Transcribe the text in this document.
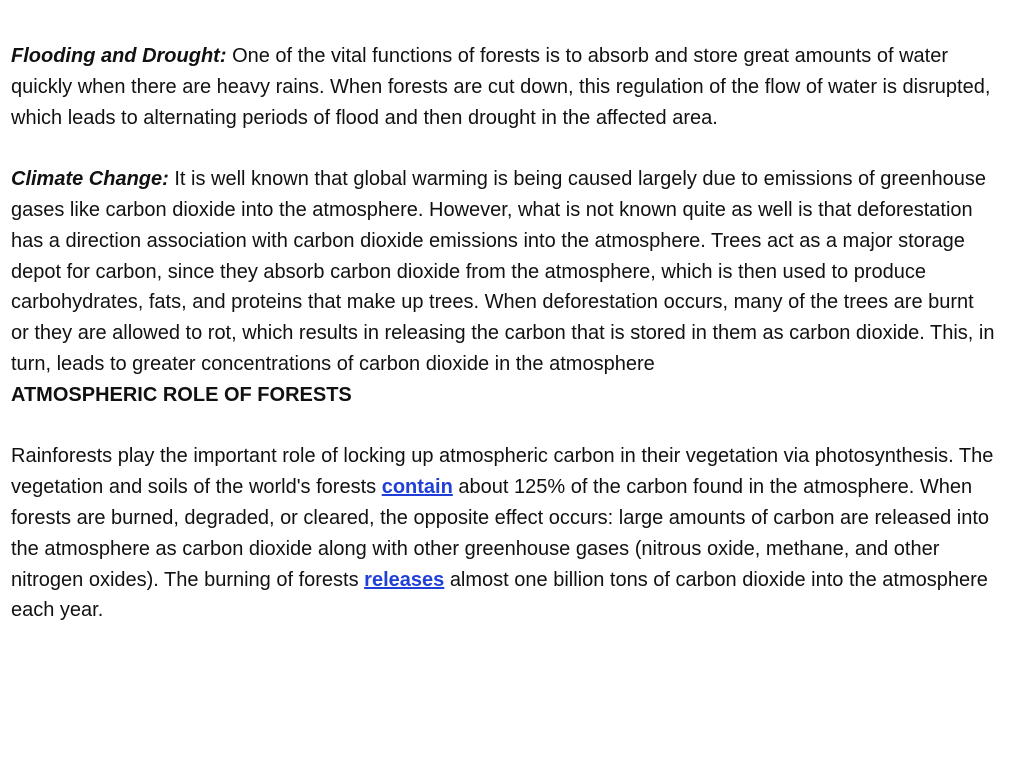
Flooding and Drought: One of the vital functions of forests is to absorb and store great amounts of water quickly when there are heavy rains. When forests are cut down, this regulation of the flow of water is disrupted, which leads to alternating periods of flood and then drought in the affected area.

Climate Change: It is well known that global warming is being caused largely due to emissions of greenhouse gases like carbon dioxide into the atmosphere. However, what is not known quite as well is that deforestation has a direction association with carbon dioxide emissions into the atmosphere. Trees act as a major storage depot for carbon, since they absorb carbon dioxide from the atmosphere, which is then used to produce carbohydrates, fats, and proteins that make up trees. When deforestation occurs, many of the trees are burnt or they are allowed to rot, which results in releasing the carbon that is stored in them as carbon dioxide. This, in turn, leads to greater concentrations of carbon dioxide in the atmosphere

ATMOSPHERIC ROLE OF FORESTS

Rainforests play the important role of locking up atmospheric carbon in their vegetation via photosynthesis. The vegetation and soils of the world's forests contain about 125% of the carbon found in the atmosphere. When forests are burned, degraded, or cleared, the opposite effect occurs: large amounts of carbon are released into the atmosphere as carbon dioxide along with other greenhouse gases (nitrous oxide, methane, and other nitrogen oxides). The burning of forests releases almost one billion tons of carbon dioxide into the atmosphere each year.
